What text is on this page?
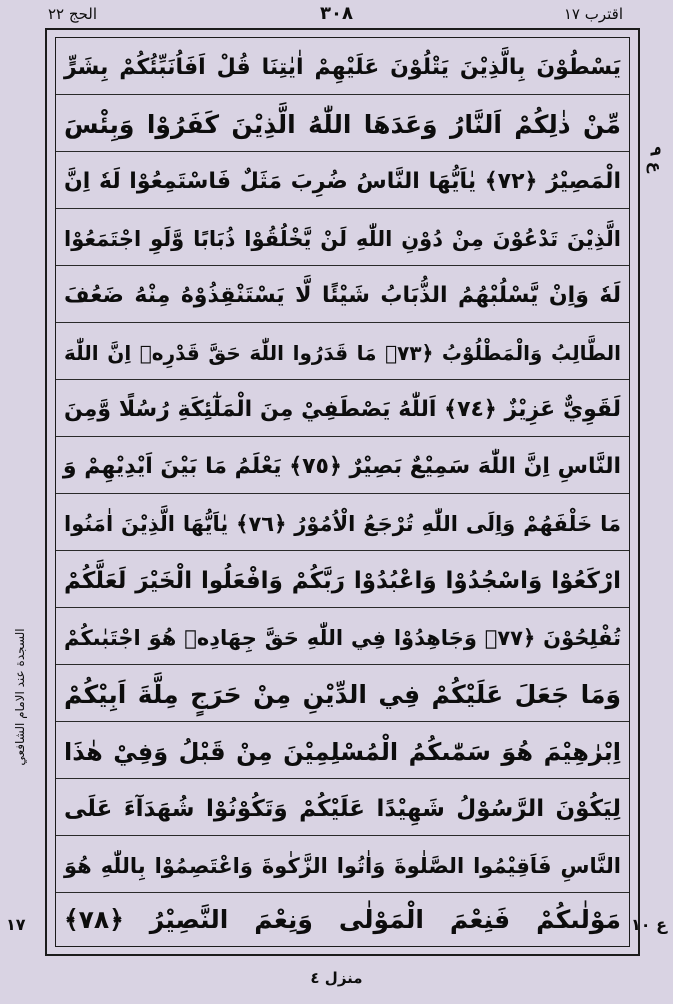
الحج ۲۲	۳۰۸	اقترب ١٧
يَسْطُوْنَ بِالَّذِيْنَ يَتْلُوْنَ عَلَيْهِمْ اٰيٰتِنَا قُلْ اَفَاُنَبِّئُكُمْ بِشَرٍّ
مِّنْ ذٰلِكُمْ اَلنَّارُ وَعَدَهَا اللّٰهُ الَّذِيْنَ كَفَرُوْا وَبِئْسَ
الْمَصِيْرُ ﴿٧٢﴾ يٰاَيُّهَا النَّاسُ ضُرِبَ مَثَلٌ فَاسْتَمِعُوْا لَهٗ اِنَّ
الَّذِيْنَ تَدْعُوْنَ مِنْ دُوْنِ اللّٰهِ لَنْ يَّخْلُقُوْا ذُبَابًا وَّلَوِ اجْتَمَعُوْا
لَهٗ وَاِنْ يَّسْلُبْهُمُ الذُّبَابُ شَيْئًا لَّا يَسْتَنْقِذُوْهُ مِنْهُ ضَعُفَ
الطَّالِبُ وَالْمَطْلُوْبُ ﴿٧٣﴾ مَا قَدَرُوا اللّٰهَ حَقَّ قَدْرِهٖ اِنَّ اللّٰهَ
لَقَوِيٌّ عَزِيْزٌ ﴿٧٤﴾ اَللّٰهُ يَصْطَفِيْ مِنَ الْمَلٰٓئِكَةِ رُسُلًا وَّمِنَ
النَّاسِ اِنَّ اللّٰهَ سَمِيْعٌ بَصِيْرٌ ﴿٧٥﴾ يَعْلَمُ مَا بَيْنَ اَيْدِيْهِمْ وَ
مَا خَلْفَهُمْ وَاِلَى اللّٰهِ تُرْجَعُ الْاُمُوْرُ ﴿٧٦﴾ يٰاَيُّهَا الَّذِيْنَ اٰمَنُوا
ارْكَعُوْا وَاسْجُدُوْا وَاعْبُدُوْا رَبَّكُمْ وَافْعَلُوا الْخَيْرَ لَعَلَّكُمْ
تُفْلِحُوْنَ ﴿٧٧﴾ وَجَاهِدُوْا فِي اللّٰهِ حَقَّ جِهَادِهٖ هُوَ اجْتَبٰىكُمْ
وَمَا جَعَلَ عَلَيْكُمْ فِي الدِّيْنِ مِنْ حَرَجٍ مِلَّةَ اَبِيْكُمْ
اِبْرٰهِيْمَ هُوَ سَمّٰىكُمُ الْمُسْلِمِيْنَ مِنْ قَبْلُ وَفِيْ هٰذَا
لِيَكُوْنَ الرَّسُوْلُ شَهِيْدًا عَلَيْكُمْ وَتَكُوْنُوْا شُهَدَآءَ عَلَى
النَّاسِ فَاَقِيْمُوا الصَّلٰوةَ وَاٰتُوا الزَّكٰوةَ وَاعْتَصِمُوْا بِاللّٰهِ هُوَ
مَوْلٰىكُمْ فَنِعْمَ الْمَوْلٰى وَنِعْمَ النَّصِيْرُ ﴿٧٨﴾
ع ٩
ع ١٠
١٧
السجدة عند الامام الشافعي
منزل ٤
